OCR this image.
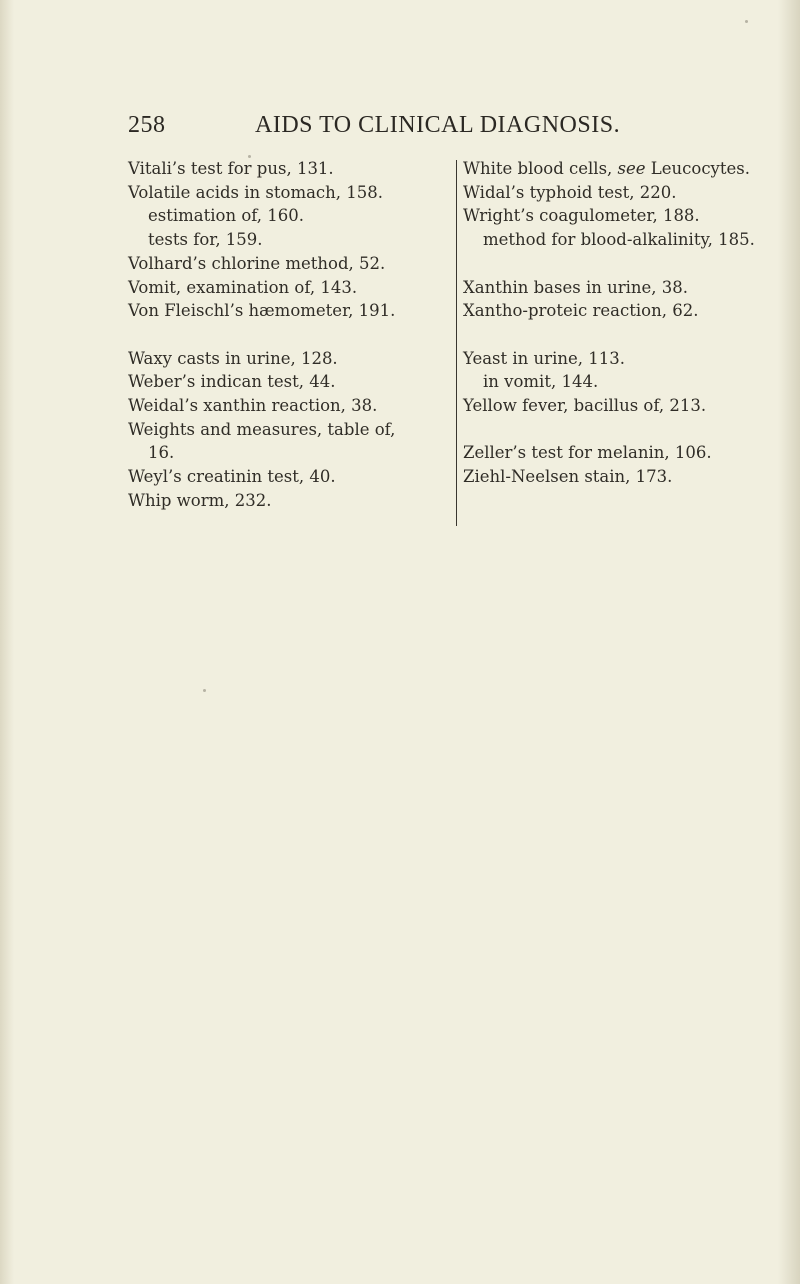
258	AIDS TO CLINICAL DIAGNOSIS.
Vitali’s test for pus, 131.
Volatile acids in stomach, 158.
estimation of, 160.
tests for, 159.
Volhard’s chlorine method, 52.
Vomit, examination of, 143.
Von Fleischl’s hæmometer, 191.
Waxy casts in urine, 128.
Weber’s indican test, 44.
Weidal’s xanthin reaction, 38.
Weights and measures, table of,
16.
Weyl’s creatinin test, 40.
Whip worm, 232.
White blood cells, see Leucocytes.
Widal’s typhoid test, 220.
Wright’s coagulometer, 188.
method for blood-alkalinity, 185.
Xanthin bases in urine, 38.
Xantho-proteic reaction, 62.
Yeast in urine, 113.
in vomit, 144.
Yellow fever, bacillus of, 213.
Zeller’s test for melanin, 106.
Ziehl-Neelsen stain, 173.
